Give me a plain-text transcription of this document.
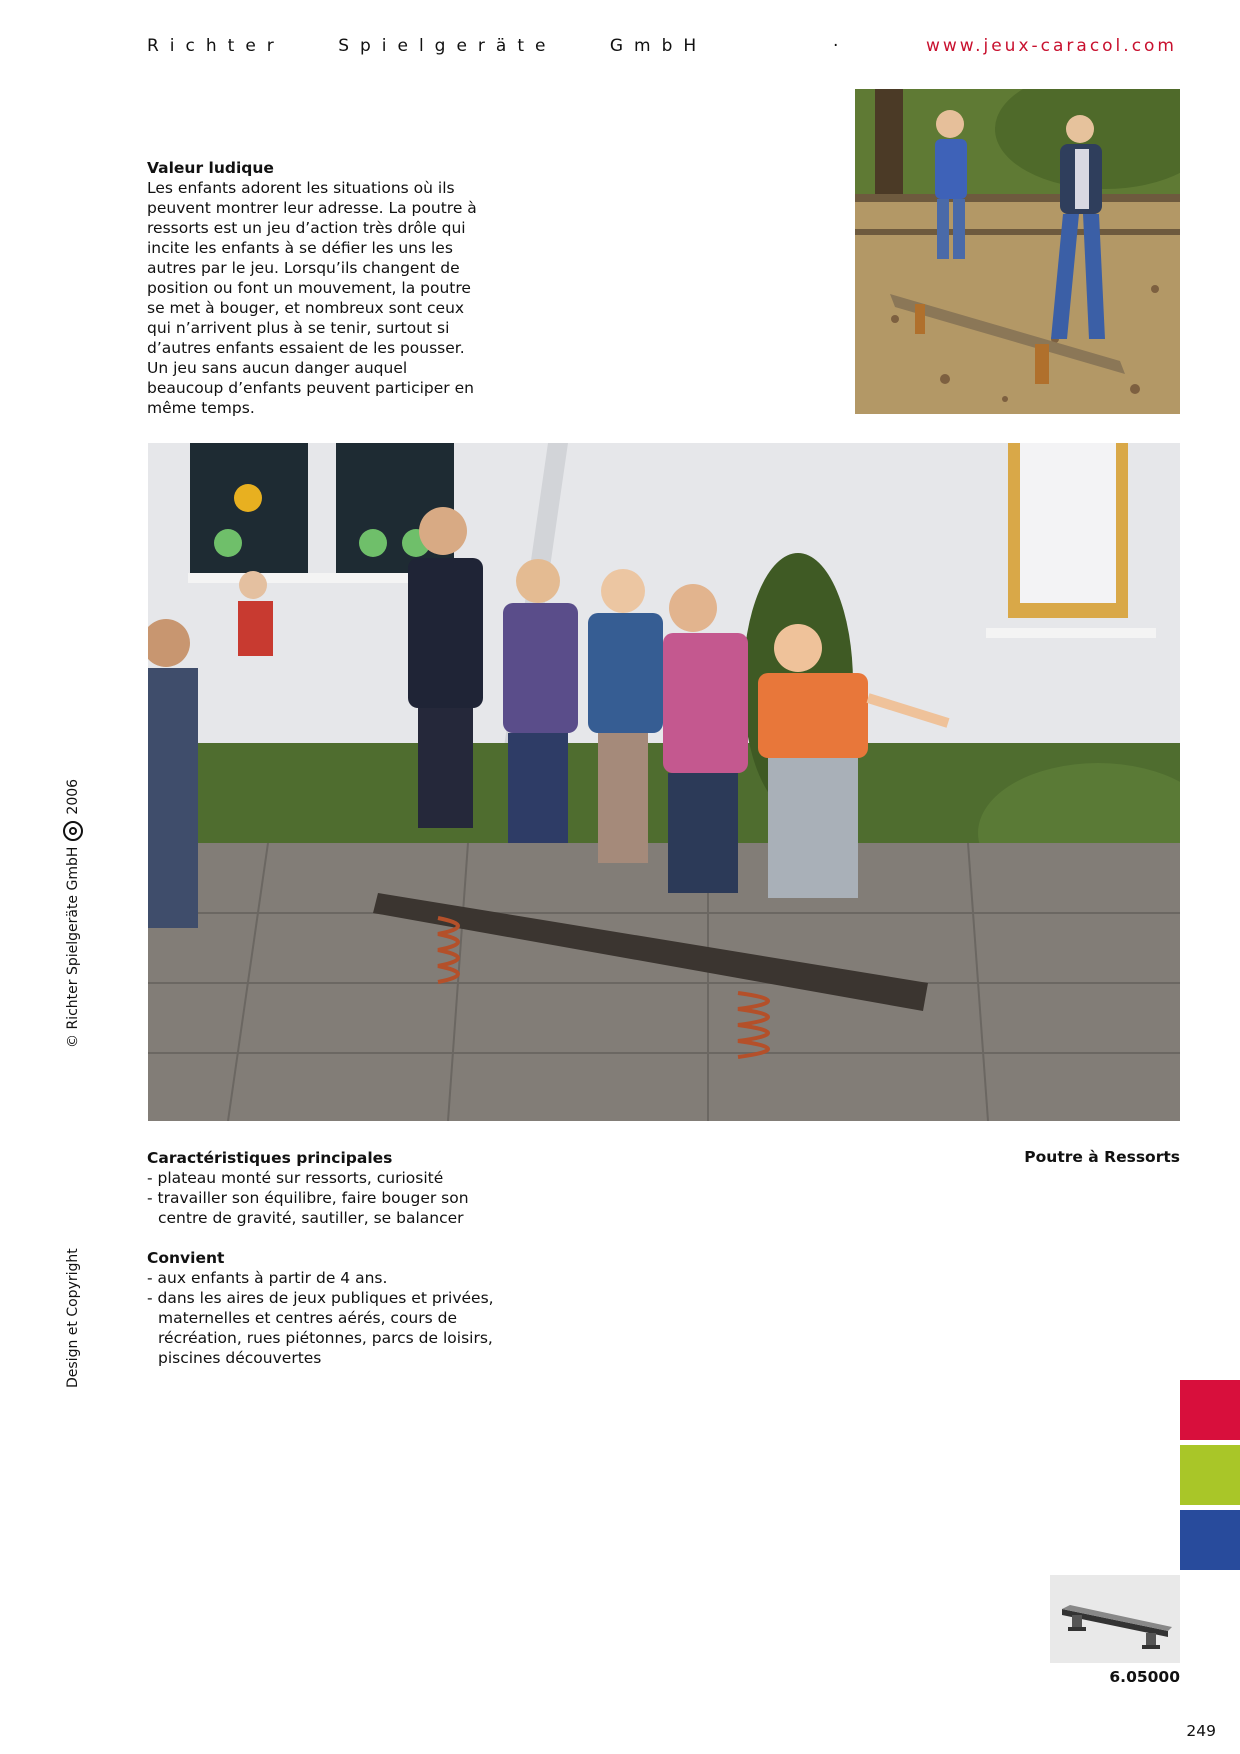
Richter	Spielgeräte	GmbH	·	www.jeux-caracol.com

Valeur ludique

Les enfants adorent les situations où ils peuvent montrer leur adresse. La poutre à ressorts est un jeu d’action très drôle qui incite les enfants à se défier les uns les autres par le jeu. Lorsqu’ils changent de position ou font un mouvement, la poutre se met à bouger, et nombreux sont ceux qui n’arrivent plus à se tenir, surtout si d’autres enfants essaient de les pousser. Un jeu sans aucun danger auquel beaucoup d’enfants peuvent participer en même temps.

Caractéristiques principales

- plateau monté sur ressorts, curiosité
- travailler son équilibre, faire bouger son centre de gravité, sautiller, se balancer

Convient

- aux enfants à partir de 4 ans.
- dans les aires de jeux publiques et privées, maternelles et centres aérés, cours de récréation, rues piétonnes, parcs de loisirs, piscines découvertes
Poutre à Ressorts
© Richter Spielgeräte GmbH2006
Design et Copyright
6.05000
249
